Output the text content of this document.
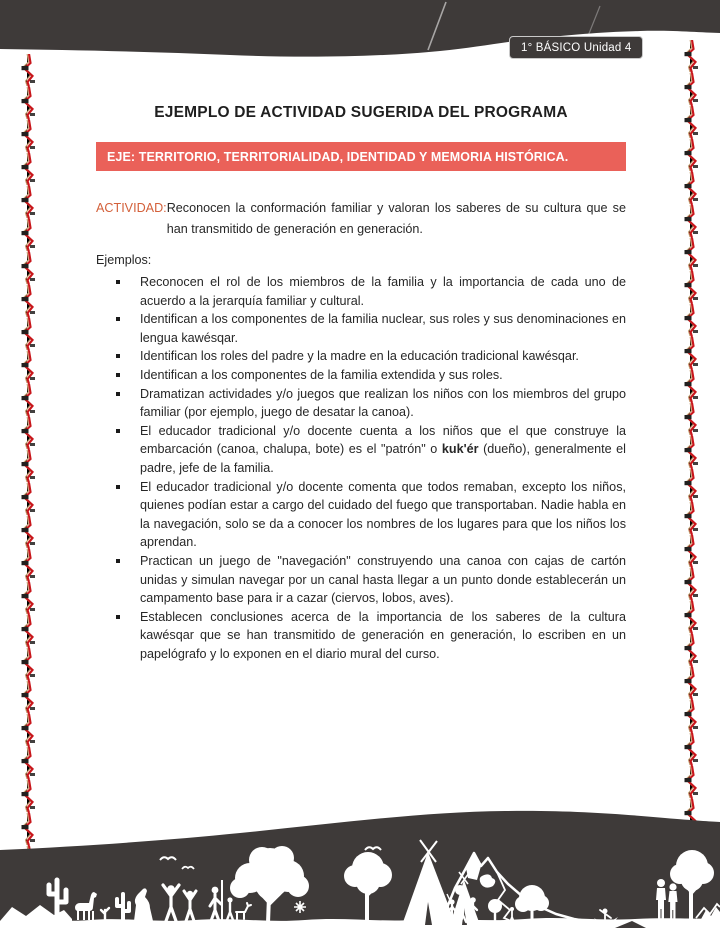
1° BÁSICO Unidad 4
EJEMPLO DE ACTIVIDAD SUGERIDA DEL PROGRAMA
EJE: TERRITORIO, TERRITORIALIDAD, IDENTIDAD Y MEMORIA HISTÓRICA.
ACTIVIDAD: Reconocen la conformación familiar y valoran los saberes de su cultura que se han transmitido de generación en generación.

Ejemplos:

Reconocen el rol de los miembros de la familia y la importancia de cada uno de acuerdo a la jerarquía familiar y cultural.
Identifican a los componentes de la familia nuclear, sus roles y sus denominaciones en lengua kawésqar.
Identifican los roles del padre y la madre en la educación tradicional kawésqar.
Identifican a los componentes de la familia extendida y sus roles.
Dramatizan actividades y/o juegos que realizan los niños con los miembros del grupo familiar (por ejemplo, juego de desatar la canoa).
El educador tradicional y/o docente cuenta a los niños que el que construye la embarcación (canoa, chalupa, bote) es el "patrón" o kuk'ér (dueño), generalmente el padre, jefe de la familia.
El educador tradicional y/o docente comenta que todos remaban, excepto los niños, quienes podían estar a cargo del cuidado del fuego que transportaban. Nadie habla en la navegación, solo se da a conocer los nombres de los lugares para que los niños los aprendan.
Practican un juego de "navegación" construyendo una canoa con cajas de cartón unidas y simulan navegar por un canal hasta llegar a un punto donde establecerán un campamento base para ir a cazar (ciervos, lobos, aves).
Establecen conclusiones acerca de la importancia de los saberes de la cultura kawésqar que se han transmitido de generación en generación, lo escriben en un papelógrafo y lo exponen en el diario mural del curso.
